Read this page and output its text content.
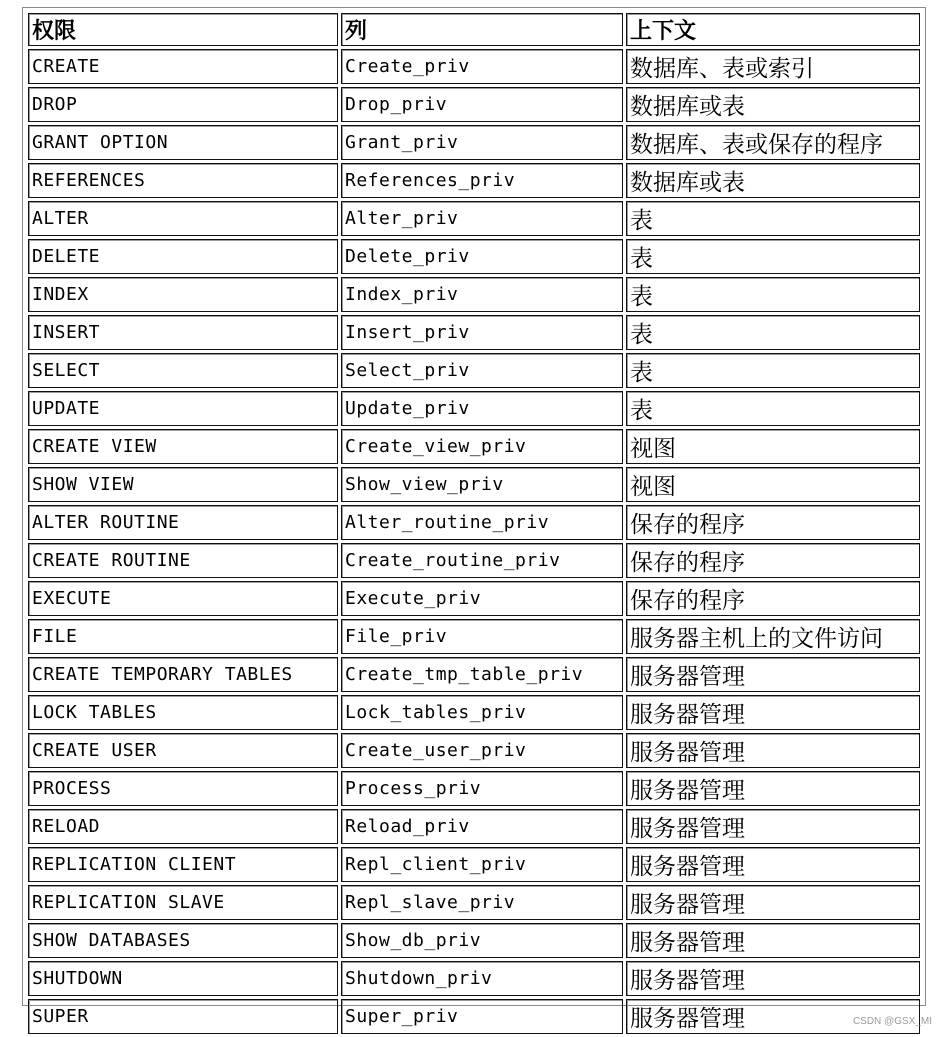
权限	列	上下文
CREATE	Create_priv	数据库、表或索引
DROP	Drop_priv	数据库或表
GRANT OPTION	Grant_priv	数据库、表或保存的程序
REFERENCES	References_priv	数据库或表
ALTER	Alter_priv	表
DELETE	Delete_priv	表
INDEX	Index_priv	表
INSERT	Insert_priv	表
SELECT	Select_priv	表
UPDATE	Update_priv	表
CREATE VIEW	Create_view_priv	视图
SHOW VIEW	Show_view_priv	视图
ALTER ROUTINE	Alter_routine_priv	保存的程序
CREATE ROUTINE	Create_routine_priv	保存的程序
EXECUTE	Execute_priv	保存的程序
FILE	File_priv	服务器主机上的文件访问
CREATE TEMPORARY TABLES	Create_tmp_table_priv	服务器管理
LOCK TABLES	Lock_tables_priv	服务器管理
CREATE USER	Create_user_priv	服务器管理
PROCESS	Process_priv	服务器管理
RELOAD	Reload_priv	服务器管理
REPLICATION CLIENT	Repl_client_priv	服务器管理
REPLICATION SLAVE	Repl_slave_priv	服务器管理
SHOW DATABASES	Show_db_priv	服务器管理
SHUTDOWN	Shutdown_priv	服务器管理
SUPER	Super_priv	服务器管理	CSDN @GSX_MI
